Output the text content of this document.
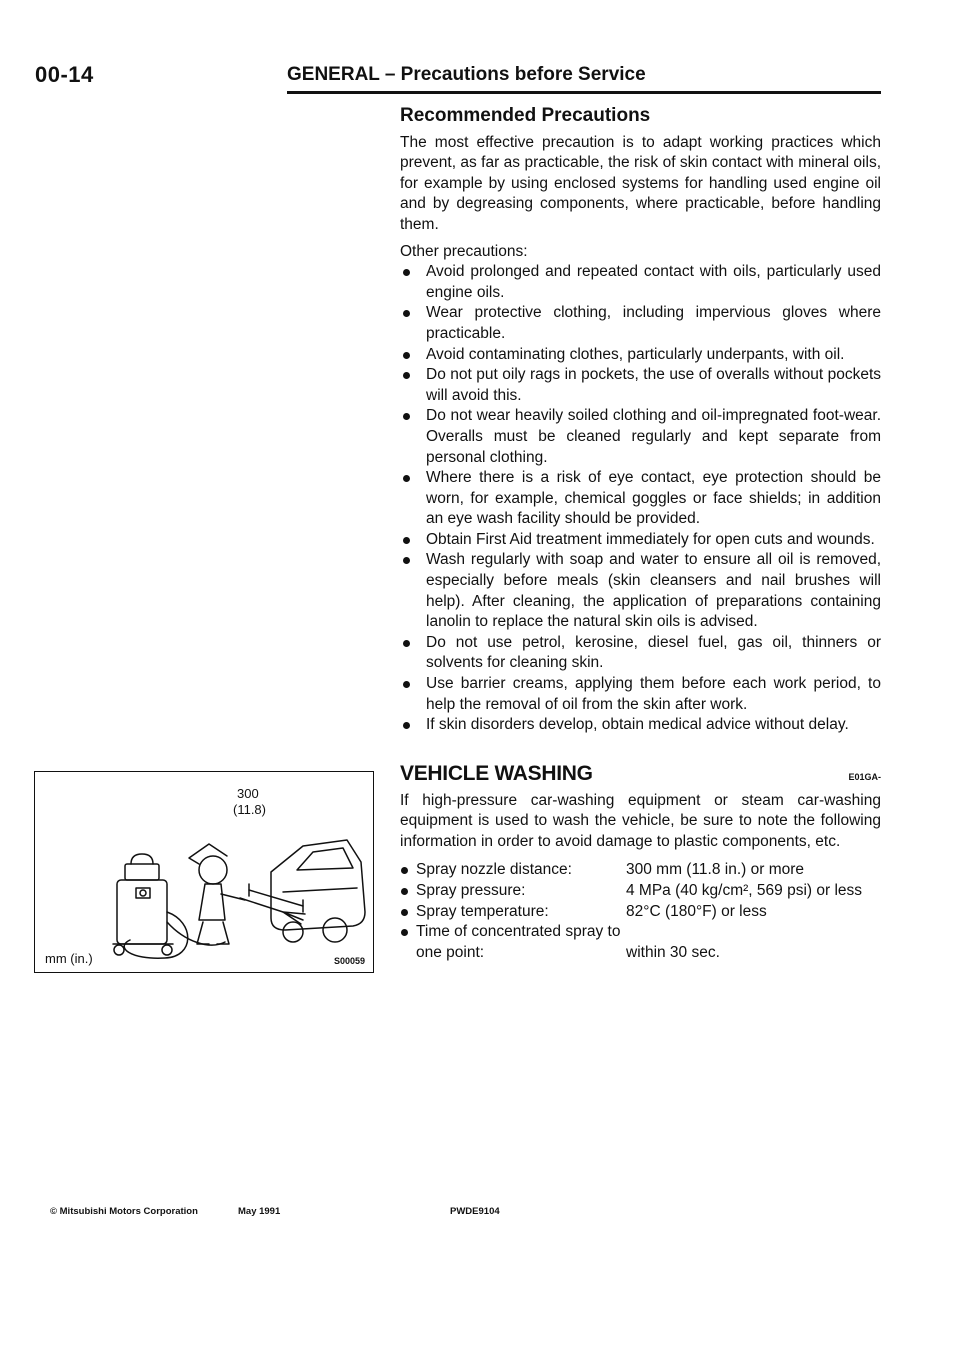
00-14	GENERAL – Precautions before Service
Recommended Precautions

The most effective precaution is to adapt working practices which prevent, as far as practicable, the risk of skin contact with mineral oils, for example by using enclosed systems for handling used engine oil and by degreasing components, where practicable, before handling them.

Other precautions:

Avoid prolonged and repeated contact with oils, particularly used engine oils.
Wear protective clothing, including impervious gloves where practicable.
Avoid contaminating clothes, particularly underpants, with oil.
Do not put oily rags in pockets, the use of overalls without pockets will avoid this.
Do not wear heavily soiled clothing and oil-impregnated foot-wear. Overalls must be cleaned regularly and kept separate from personal clothing.
Where there is a risk of eye contact, eye protection should be worn, for example, chemical goggles or face shields; in addition an eye wash facility should be provided.
Obtain First Aid treatment immediately for open cuts and wounds.
Wash regularly with soap and water to ensure all oil is removed, especially before meals (skin cleansers and nail brushes will help). After cleaning, the application of preparations containing lanolin to replace the natural skin oils is advised.
Do not use petrol, kerosine, diesel fuel, gas oil, thinners or solvents for cleaning skin.
Use barrier creams, applying them before each work period, to help the removal of oil from the skin after work.
If skin disorders develop, obtain medical advice without delay.
VEHICLE WASHING	E01GA-

If high-pressure car-washing equipment or steam car-washing equipment is used to wash the vehicle, be sure to note the following information in order to avoid damage to plastic components, etc.

Spray nozzle distance:	300 mm (11.8 in.) or more
Spray pressure:	4 MPa (40 kg/cm², 569 psi) or less
Spray temperature:	82°C (180°F) or less
Time of concentrated spray to one point:	within 30 sec.
300
(11.8)
mm (in.)	S00059
© Mitsubishi Motors Corporation	May 1991	PWDE9104
